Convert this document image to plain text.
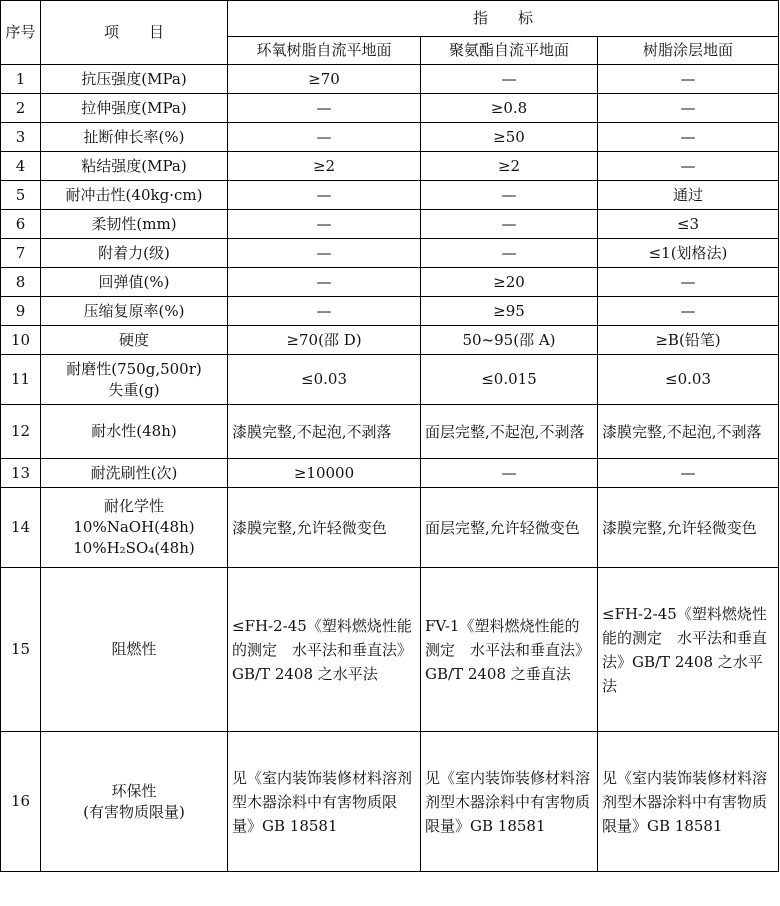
序号	项　　目	指　　标		
		环氧树脂自流平地面	聚氨酯自流平地面	树脂涂层地面
1	抗压强度(MPa)	≥70	—	—
2	拉伸强度(MPa)	—	≥0.8	—
3	扯断伸长率(%)	—	≥50	—
4	粘结强度(MPa)	≥2	≥2	—
5	耐冲击性(40kg·cm)	—	—	通过
6	柔韧性(mm)	—	—	≤3
7	附着力(级)	—	—	≤1(划格法)
8	回弹值(%)	—	≥20	—
9	压缩复原率(%)	—	≥95	—
10	硬度	≥70(邵 D)	50~95(邵 A)	≥B(铅笔)
11	耐磨性(750g,500r)
失重(g)	≤0.03	≤0.015	≤0.03
12	耐水性(48h)	漆膜完整,不起泡,不剥落	面层完整,不起泡,不剥落	漆膜完整,不起泡,不剥落
13	耐洗刷性(次)	≥10000	—	—
14	耐化学性
10%NaOH(48h)
10%H₂SO₄(48h)	漆膜完整,允许轻微变色	面层完整,允许轻微变色	漆膜完整,允许轻微变色
15	阻燃性	≤FH-2-45《塑料燃烧性能的测定　水平法和垂直法》GB/T 2408 之水平法	FV-1《塑料燃烧性能的测定　水平法和垂直法》GB/T 2408 之垂直法	≤FH-2-45《塑料燃烧性能的测定　水平法和垂直法》GB/T 2408 之水平法
16	环保性
(有害物质限量)	见《室内装饰装修材料溶剂型木器涂料中有害物质限量》GB 18581	见《室内装饰装修材料溶剂型木器涂料中有害物质限量》GB 18581	见《室内装饰装修材料溶剂型木器涂料中有害物质限量》GB 18581
